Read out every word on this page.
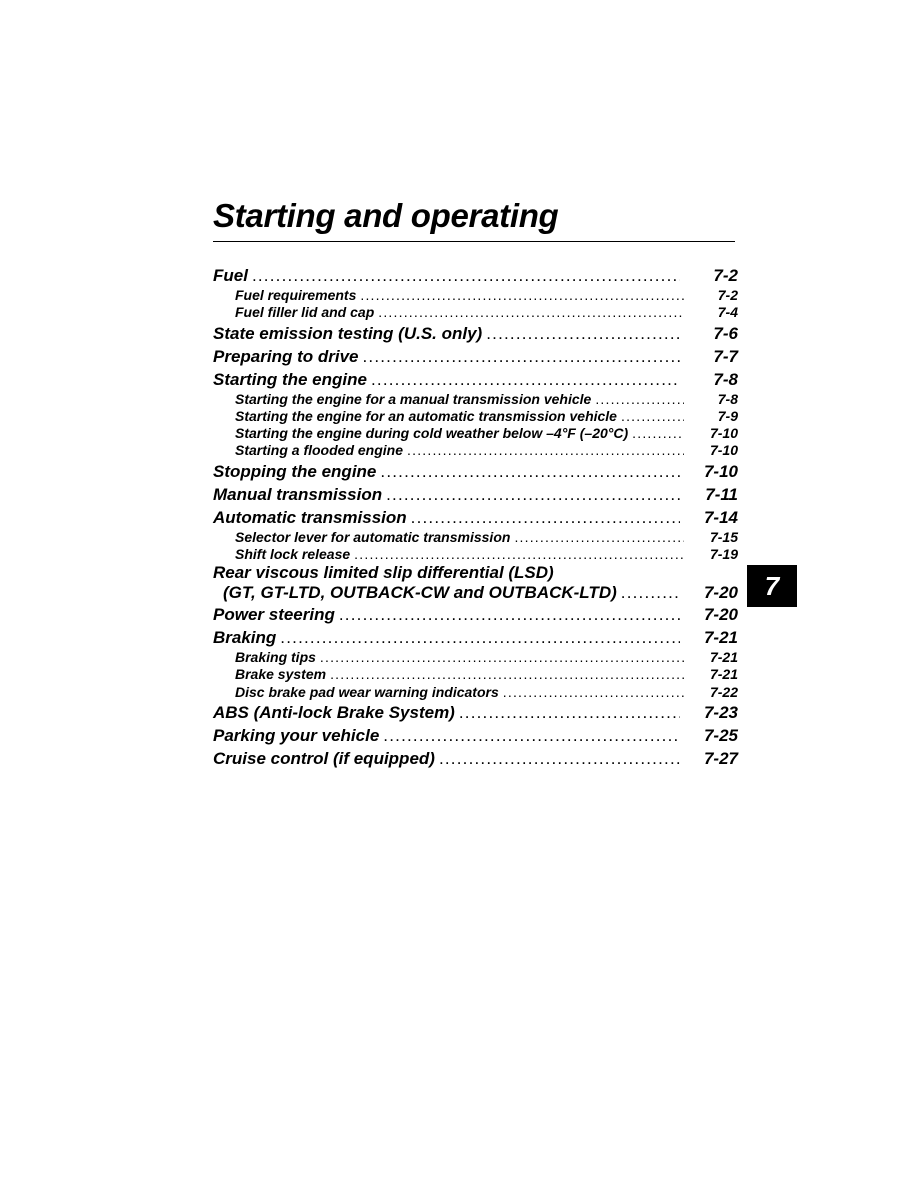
Starting and operating
Fuel .....	7-2
Fuel requirements .....	7-2
Fuel filler lid and cap .....	7-4
State emission testing (U.S. only) .....	7-6
Preparing to drive .....	7-7
Starting the engine .....	7-8
Starting the engine for a manual transmission vehicle .....	7-8
Starting the engine for an automatic transmission vehicle .....	7-9
Starting the engine during cold weather below –4°F (–20°C) .....	7-10
Starting a flooded engine .....	7-10
Stopping the engine .....	7-10
Manual transmission .....	7-11
Automatic transmission .....	7-14
Selector lever for automatic transmission .....	7-15
Shift lock release .....	7-19
Rear viscous limited slip differential (LSD)
(GT, GT-LTD, OUTBACK-CW and OUTBACK-LTD) .....	7-20
Power steering .....	7-20
Braking .....	7-21
Braking tips .....	7-21
Brake system .....	7-21
Disc brake pad wear warning indicators .....	7-22
ABS (Anti-lock Brake System) .....	7-23
Parking your vehicle .....	7-25
Cruise control (if equipped) .....	7-27
7
